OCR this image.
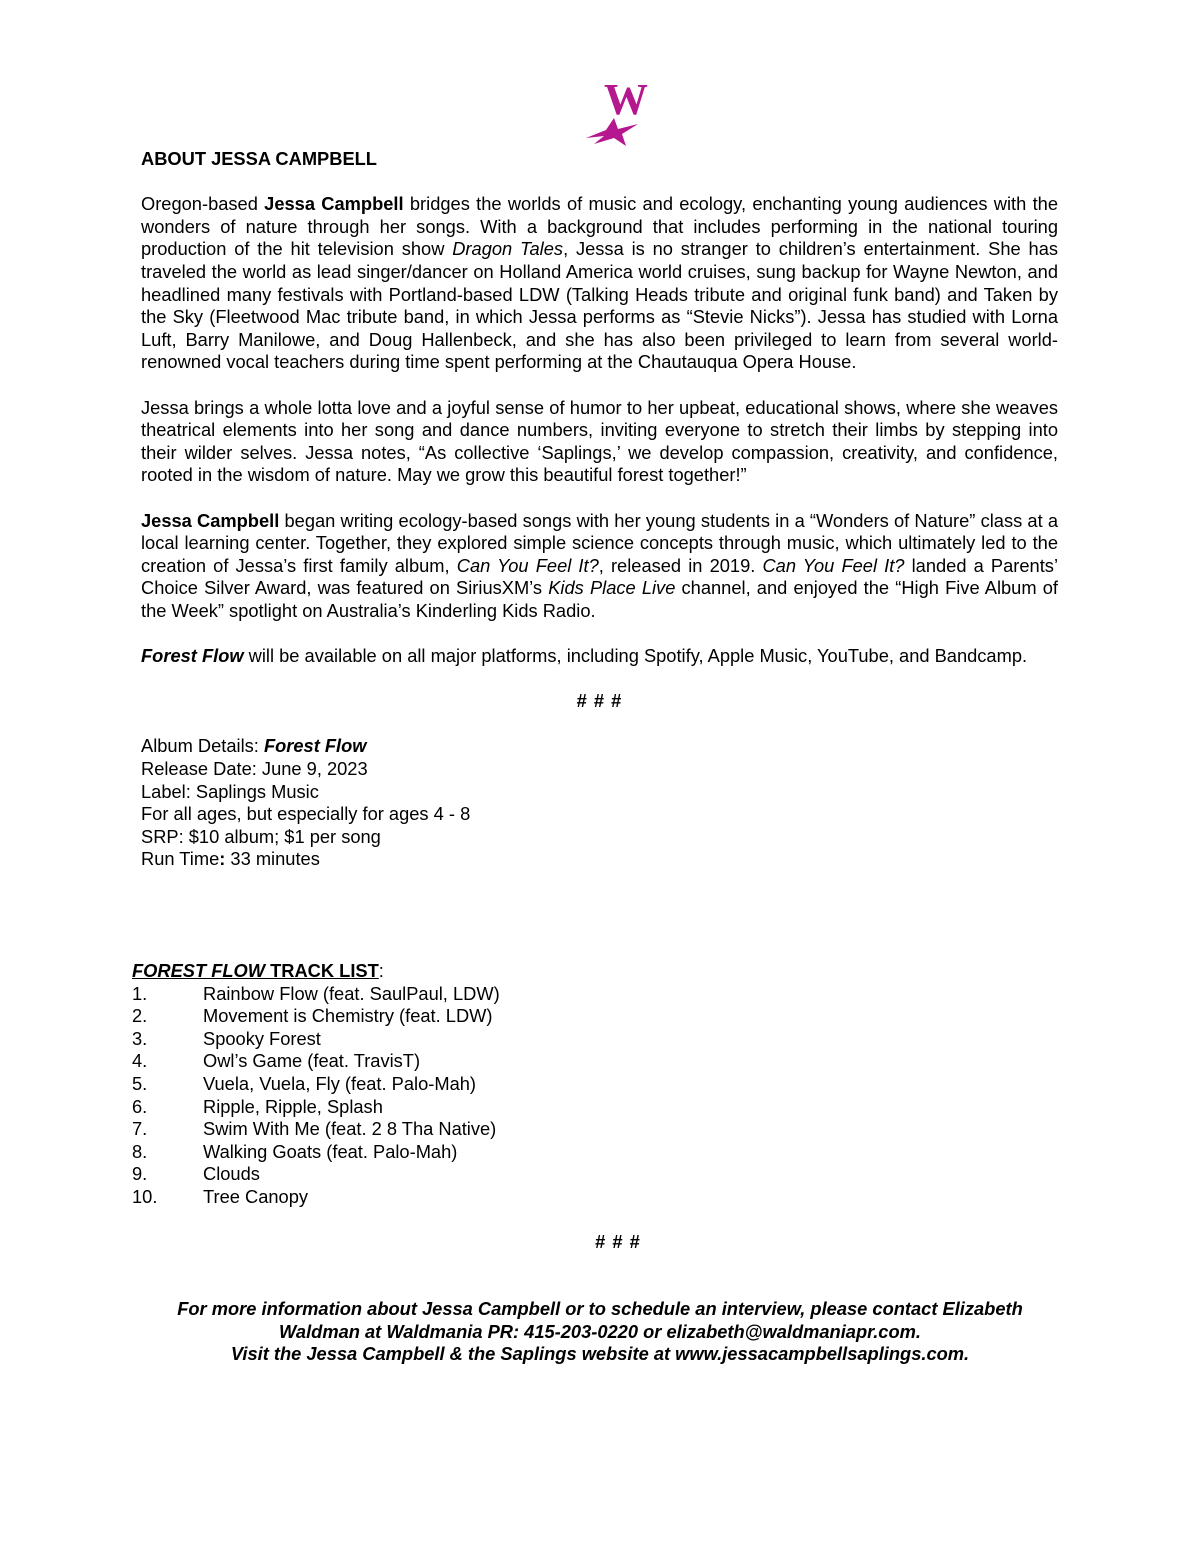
W
ABOUT JESSA CAMPBELL

Oregon-based Jessa Campbell bridges the worlds of music and ecology, enchanting young audiences with the wonders of nature through her songs. With a background that includes performing in the national touring production of the hit television show Dragon Tales, Jessa is no stranger to children’s entertainment. She has traveled the world as lead singer/dancer on Holland America world cruises, sung backup for Wayne Newton, and headlined many festivals with Portland-based LDW (Talking Heads tribute and original funk band) and Taken by the Sky (Fleetwood Mac tribute band, in which Jessa performs as “Stevie Nicks”). Jessa has studied with Lorna Luft, Barry Manilowe, and Doug Hallenbeck, and she has also been privileged to learn from several world-renowned vocal teachers during time spent performing at the Chautauqua Opera House.

Jessa brings a whole lotta love and a joyful sense of humor to her upbeat, educational shows, where she weaves theatrical elements into her song and dance numbers, inviting everyone to stretch their limbs by stepping into their wilder selves. Jessa notes, “As collective ‘Saplings,’ we develop compassion, creativity, and confidence, rooted in the wisdom of nature. May we grow this beautiful forest together!”

Jessa Campbell began writing ecology-based songs with her young students in a “Wonders of Nature” class at a local learning center. Together, they explored simple science concepts through music, which ultimately led to the creation of Jessa’s first family album, Can You Feel It?, released in 2019. Can You Feel It? landed a Parents’ Choice Silver Award, was featured on SiriusXM’s Kids Place Live channel, and enjoyed the “High Five Album of the Week” spotlight on Australia’s Kinderling Kids Radio.

Forest Flow will be available on all major platforms, including Spotify, Apple Music, YouTube, and Bandcamp.

# # #
Album Details: Forest Flow
Release Date: June 9, 2023
Label: Saplings Music
For all ages, but especially for ages 4 - 8
SRP: $10 album; $1 per song
Run Time: 33 minutes
FOREST FLOW TRACK LIST:
1.	Rainbow Flow (feat. SaulPaul, LDW)
2.	Movement is Chemistry (feat. LDW)
3.	Spooky Forest
4.	Owl’s Game (feat. TravisT)
5.	Vuela, Vuela, Fly (feat. Palo-Mah)
6.	Ripple, Ripple, Splash
7.	Swim With Me (feat. 2 8 Tha Native)
8.	Walking Goats (feat. Palo-Mah)
9.	Clouds
10.	Tree Canopy
# # #
For more information about Jessa Campbell or to schedule an interview, please contact Elizabeth
Waldman at Waldmania PR: 415-203-0220 or elizabeth@waldmaniapr.com.
Visit the Jessa Campbell & the Saplings website at www.jessacampbellsaplings.com.
